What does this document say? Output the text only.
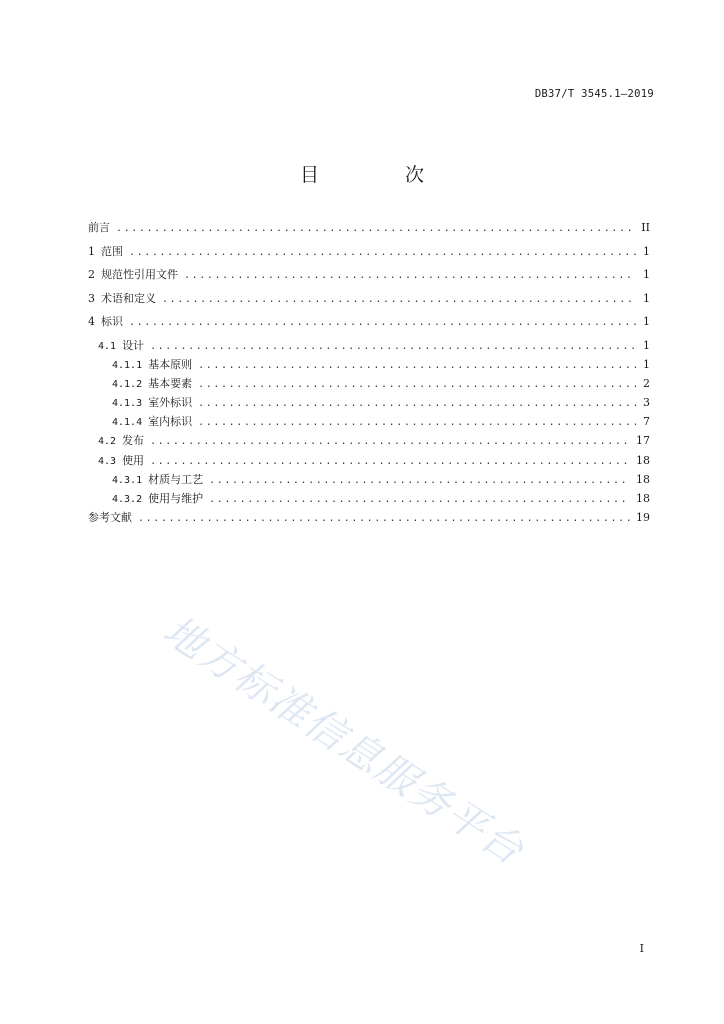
DB37/T 3545.1—2019
目 次
前言 .....	II
1 范围 .....	1
2 规范性引用文件 .....	1
3 术语和定义 .....	1
4 标识 .....	1
4.1 设计 .....	1
4.1.1 基本原则 .....	1
4.1.2 基本要素 .....	2
4.1.3 室外标识 .....	3
4.1.4 室内标识 .....	7
4.2 发布 .....	17
4.3 使用 .....	18
4.3.1 材质与工艺 .....	18
4.3.2 使用与维护 .....	18
参考文献 .....	19
地方标准信息服务平台
I
